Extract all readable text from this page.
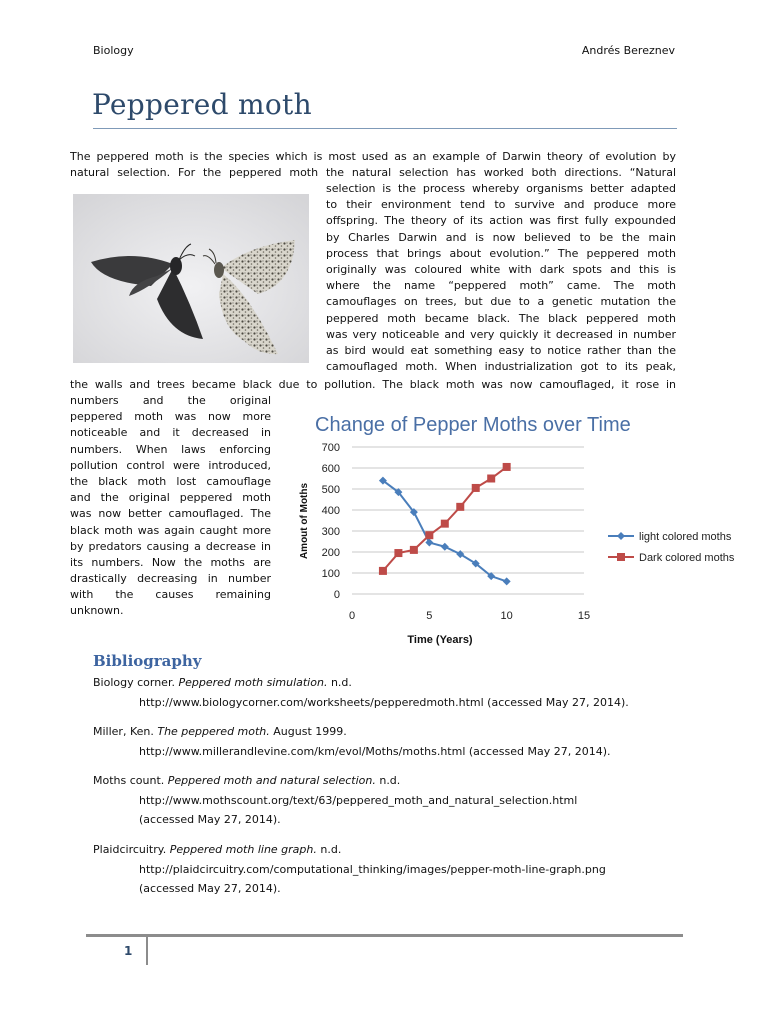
Biology	Andrés Bereznev
Peppered moth
The peppered moth is the species which is most used as an example of Darwin theory of evolution by
natural selection. For the peppered moth the natural selection has worked both directions. “Natural
selection is the process whereby organisms better adapted
to their environment tend to survive and produce more
offspring. The theory of its action was first fully expounded
by Charles Darwin and is now believed to be the main
process that brings about evolution.” The peppered moth
originally was coloured white with dark spots and this is
where the name “peppered moth” came. The moth
camouflages on trees, but due to a genetic mutation the
peppered moth became black. The black peppered moth
was very noticeable and very quickly it decreased in number
as bird would eat something easy to notice rather than the
camouflaged moth. When industrialization got to its peak,
the walls and trees became black due to pollution. The black moth was now camouflaged, it rose in
numbers and the original
peppered moth was now more
noticeable and it decreased in
numbers. When laws enforcing
pollution control were introduced,
the black moth lost camouflage
and the original peppered moth
was now better camouflaged. The
black moth was again caught more
by predators causing a decrease in
its numbers. Now the moths are
drastically decreasing in number
with the causes remaining
unknown.
Change of Pepper Moths over Time
0
100
200
300
400
500
600
700
0	5	10	15
Time (Years)
Amout of Moths	light colored moths
Dark colored moths
Bibliography
Biology corner. Peppered moth simulation. n.d.
http://www.biologycorner.com/worksheets/pepperedmoth.html (accessed May 27, 2014).
Miller, Ken. The peppered moth. August 1999.
http://www.millerandlevine.com/km/evol/Moths/moths.html (accessed May 27, 2014).
Moths count. Peppered moth and natural selection. n.d.
http://www.mothscount.org/text/63/peppered_moth_and_natural_selection.html
(accessed May 27, 2014).
Plaidcircuitry. Peppered moth line graph. n.d.
http://plaidcircuitry.com/computational_thinking/images/pepper-moth-line-graph.png
(accessed May 27, 2014).
1
